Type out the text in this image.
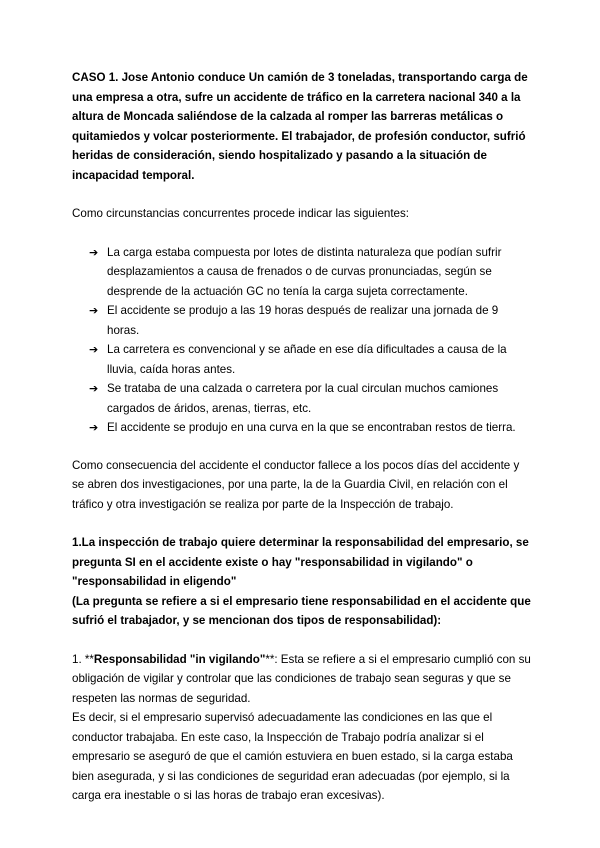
CASO 1. Jose Antonio conduce Un camión de 3 toneladas, transportando carga de una empresa a otra, sufre un accidente de tráfico en la carretera nacional 340 a la altura de Moncada saliéndose de la calzada al romper las barreras metálicas o quitamiedos y volcar posteriormente. El trabajador, de profesión conductor, sufrió heridas de consideración, siendo hospitalizado y pasando a la situación de incapacidad temporal.

Como circunstancias concurrentes procede indicar las siguientes:

➔ La carga estaba compuesta por lotes de distinta naturaleza que podían sufrir desplazamientos a causa de frenados o de curvas pronunciadas, según se desprende de la actuación GC no tenía la carga sujeta correctamente.
➔ El accidente se produjo a las 19 horas después de realizar una jornada de 9 horas.
➔ La carretera es convencional y se añade en ese día dificultades a causa de la lluvia, caída horas antes.
➔ Se trataba de una calzada o carretera por la cual circulan muchos camiones cargados de áridos, arenas, tierras, etc.
➔ El accidente se produjo en una curva en la que se encontraban restos de tierra.

Como consecuencia del accidente el conductor fallece a los pocos días del accidente y se abren dos investigaciones, por una parte, la de la Guardia Civil, en relación con el tráfico y otra investigación se realiza por parte de la Inspección de trabajo.

1.La inspección de trabajo quiere determinar la responsabilidad del empresario, se pregunta SI en el accidente existe o hay "responsabilidad in vigilando" o "responsabilidad in eligendo"

(La pregunta se refiere a si el empresario tiene responsabilidad en el accidente que sufrió el trabajador, y se mencionan dos tipos de responsabilidad):

1. **Responsabilidad "in vigilando"**: Esta se refiere a si el empresario cumplió con su obligación de vigilar y controlar que las condiciones de trabajo sean seguras y que se respeten las normas de seguridad.

Es decir, si el empresario supervisó adecuadamente las condiciones en las que el conductor trabajaba. En este caso, la Inspección de Trabajo podría analizar si el empresario se aseguró de que el camión estuviera en buen estado, si la carga estaba bien asegurada, y si las condiciones de seguridad eran adecuadas (por ejemplo, si la carga era inestable o si las horas de trabajo eran excesivas).
